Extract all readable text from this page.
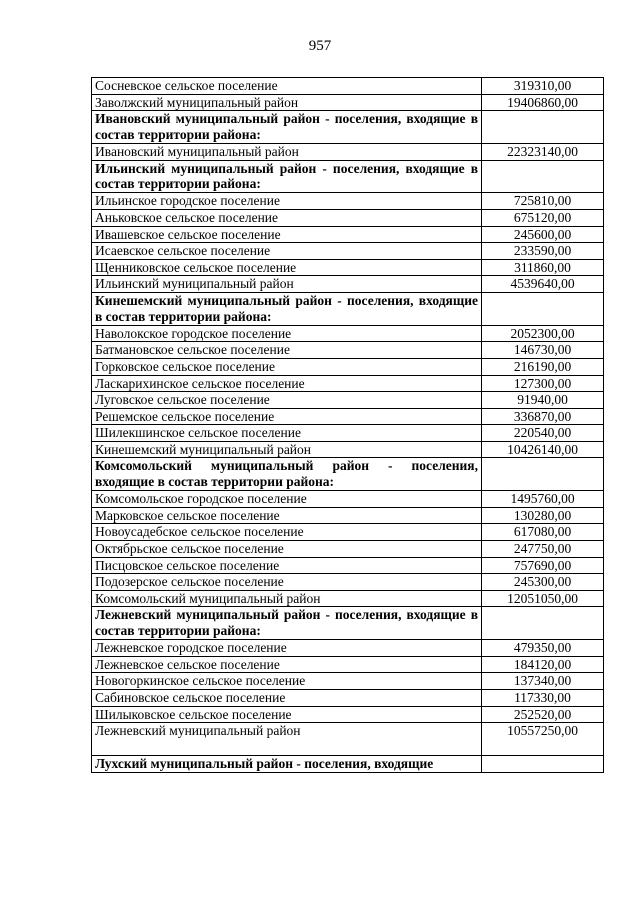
957
Сосневское сельское поселение	319310,00
Заволжский муниципальный район	19406860,00
Ивановский муниципальный район - поселения, входящие в состав территории района:	
Ивановский муниципальный район	22323140,00
Ильинский муниципальный район - поселения, входящие в состав территории района:	
Ильинское городское поселение	725810,00
Аньковское сельское поселение	675120,00
Ивашевское сельское поселение	245600,00
Исаевское сельское поселение	233590,00
Щенниковское сельское поселение	311860,00
Ильинский муниципальный район	4539640,00
Кинешемский муниципальный район - поселения, входящие в состав территории района:	
Наволокское городское поселение	2052300,00
Батмановское сельское поселение	146730,00
Горковское сельское поселение	216190,00
Ласкарихинское сельское поселение	127300,00
Луговское сельское поселение	91940,00
Решемское сельское поселение	336870,00
Шилекшинское сельское поселение	220540,00
Кинешемский муниципальный район	10426140,00
Комсомольский муниципальный район - поселения, входящие в состав территории района:	
Комсомольское городское поселение	1495760,00
Марковское сельское поселение	130280,00
Новоусадебское сельское поселение	617080,00
Октябрьское сельское поселение	247750,00
Писцовское сельское поселение	757690,00
Подозерское сельское поселение	245300,00
Комсомольский муниципальный район	12051050,00
Лежневский муниципальный район - поселения, входящие в состав территории района:	
Лежневское городское поселение	479350,00
Лежневское сельское поселение	184120,00
Новогоркинское сельское поселение	137340,00
Сабиновское сельское поселение	117330,00
Шилыковское сельское поселение	252520,00
Лежневский муниципальный район	10557250,00
Лухский муниципальный район - поселения, входящие	
